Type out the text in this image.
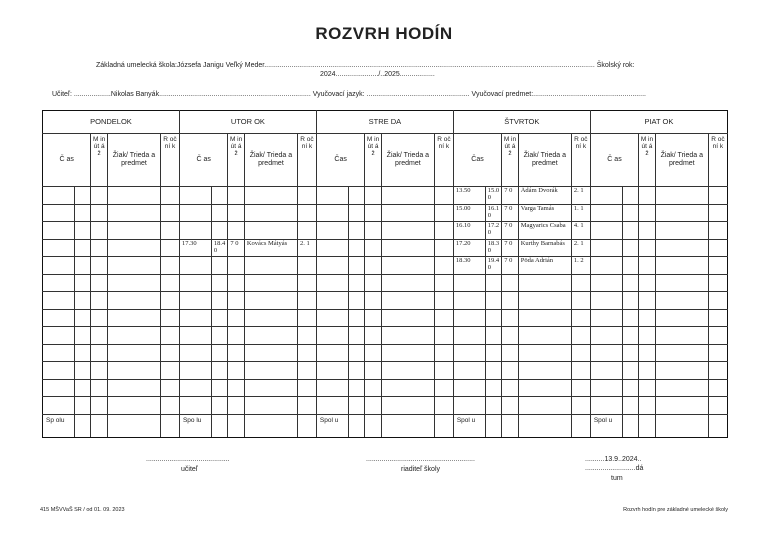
ROZVRH HODÍN
Základná umelecká škola:Józsefa Janigu Veľký Meder.......................................................................................................................................................................... Školský rok:
2024....................../..2025..................
Učiteľ: ...................Nikolas Banyák.............................................................................. Vyučovací jazyk: ..................................................... Vyučovací predmet:..........................................................
PONDELOK					UTOR OK					STRE DA					ŠTVRTOK					PIAT OK				
Č as		M in út á ž	Žiak/ Trieda a predmet	R oč ní k	Č as		M in út á ž	Žiak/ Trieda a predmet	R oč ní k	Čas		M in út á ž	Žiak/ Trieda a predmet	R oč ní k	Čas		M in út á ž	Žiak/ Trieda a predmet	R oč ní k	Č as		M in út á ž	Žiak/ Trieda a predmet	R oč ní k
															13.50	15.0 0	7 0	Ádám Dvorák	2. 1					
															15.00	16.1 0	7 0	Varga Tamás	1. 1					
															16.10	17.2 0	7 0	Magyarics Csaba	4. 1					
					17.30	18.4 0	7 0	Kovács Mátyás	2. 1						17.20	18.3 0	7 0	Kurthy Barnabás	2. 1					
															18.30	19.4 0	7 0	Pöda Adrián	1. 2					

Sp olu					Spo lu					Spol u					Spol u					Spol u				
...........................................
učiteľ
........................................................
riaditeľ školy
..........13.9..2024..
..........................dá
tum
415 MŠVVaŠ SR / od 01. 09. 2023	Rozvrh hodín pre základné umelecké školy
